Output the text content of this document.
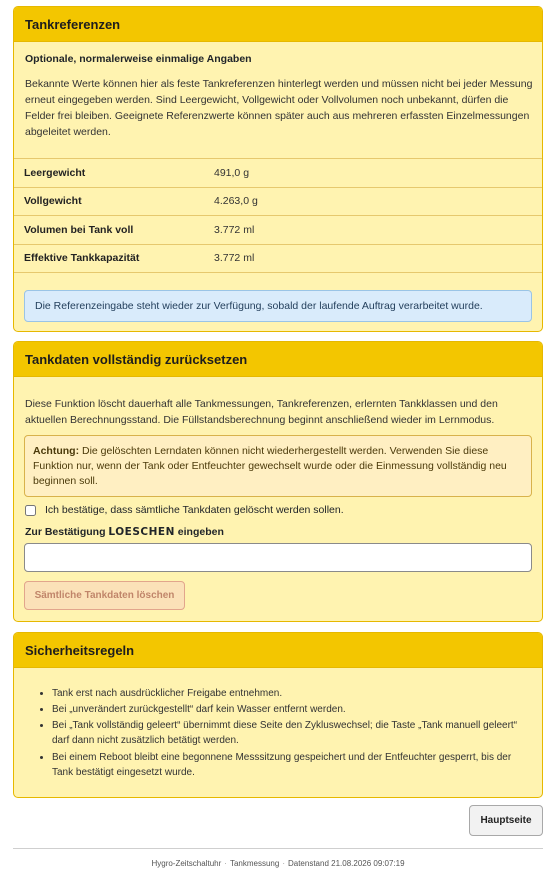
Tankreferenzen
Optionale, normalerweise einmalige Angaben

Bekannte Werte können hier als feste Tankreferenzen hinterlegt werden und müssen nicht bei jeder Messung erneut eingegeben werden. Sind Leergewicht, Vollgewicht oder Vollvolumen noch unbekannt, dürfen die Felder frei bleiben. Geeignete Referenzwerte können später auch aus mehreren erfassten Einzelmessungen abgeleitet werden.

Leergewicht	491,0 g
Vollgewicht	4.263,0 g
Volumen bei Tank voll	3.772 ml
Effektive Tankkapazität	3.772 ml
Die Referenzeingabe steht wieder zur Verfügung, sobald der laufende Auftrag verarbeitet wurde.
Tankdaten vollständig zurücksetzen

Diese Funktion löscht dauerhaft alle Tankmessungen, Tankreferenzen, erlernten Tankklassen und den aktuellen Berechnungsstand. Die Füllstandsberechnung beginnt anschließend wieder im Lernmodus.

Achtung: Die gelöschten Lerndaten können nicht wiederhergestellt werden. Verwenden Sie diese Funktion nur, wenn der Tank oder Entfeuchter gewechselt wurde oder die Einmessung vollständig neu beginnen soll.
Ich bestätige, dass sämtliche Tankdaten gelöscht werden sollen.
Zur Bestätigung LOESCHEN eingeben
Sämtliche Tankdaten löschen
Sicherheitsregeln
• Tank erst nach ausdrücklicher Freigabe entnehmen.
• Bei „unverändert zurückgestellt“ darf kein Wasser entfernt werden.
• Bei „Tank vollständig geleert“ übernimmt diese Seite den Zykluswechsel; die Taste „Tank manuell geleert“ darf dann nicht zusätzlich betätigt werden.
• Bei einem Reboot bleibt eine begonnene Messsitzung gespeichert und der Entfeuchter gesperrt, bis der Tank bestätigt eingesetzt wurde.
Hauptseite
Hygro-Zeitschaltuhr · Tankmessung · Datenstand 21.08.2026 09:07:19
